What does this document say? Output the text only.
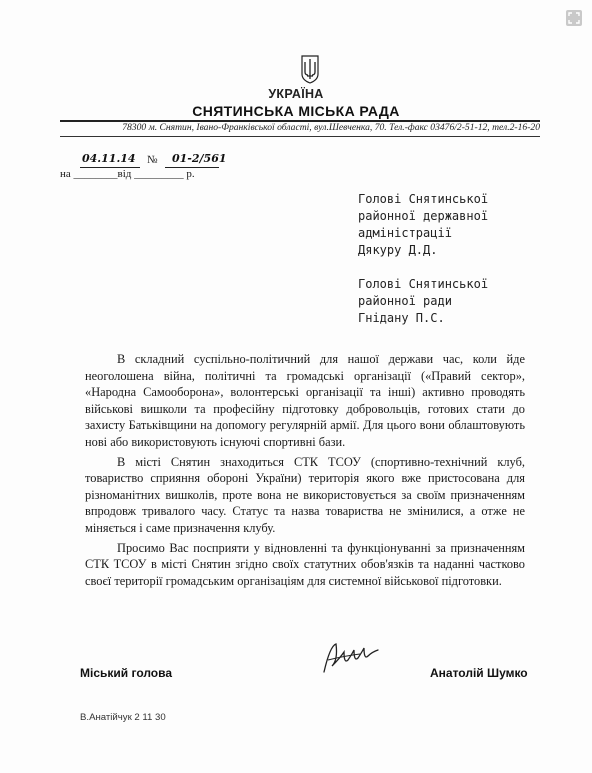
УКРАЇНА
СНЯТИНСЬКА МІСЬКА РАДА
78300 м. Снятин, Івано-Франківської області, вул.Шевченка, 70. Тел.-факс 03476/2-51-12, тел.2-16-20
04.11.14 № 01-2/561
на ________від _________ р.
Голові Снятинської
районної державної
адміністрації
Дякуру Д.Д.
Голові Снятинської
районної ради
Гнідану П.С.

В складний суспільно-політичний для нашої держави час, коли йде неоголошена війна, політичні та громадські організації («Правий сектор», «Народна Самооборона», волонтерські організації та інші) активно проводять військові вишколи та професійну підготовку добровольців, готових стати до захисту Батьківщини на допомогу регулярній армії. Для цього вони облаштовують нові або використовують існуючі спортивні бази.

В місті Снятин знаходиться СТК ТСОУ (спортивно-технічний клуб, товариство сприяння обороні України) територія якого вже пристосована для різноманітних вишколів, проте вона не використовується за своїм призначенням впродовж тривалого часу. Статус та назва товариства не змінилися, а отже не міняється і саме призначення клубу.

Просимо Вас посприяти у відновленні та функціонуванні за призначенням СТК ТСОУ в місті Снятин згідно своїх статутних обов'язків та наданні частково своєї території громадським організаціям для системної військової підготовки.

Міський голова	Анатолій Шумко
В.Анатійчук 2 11 30
